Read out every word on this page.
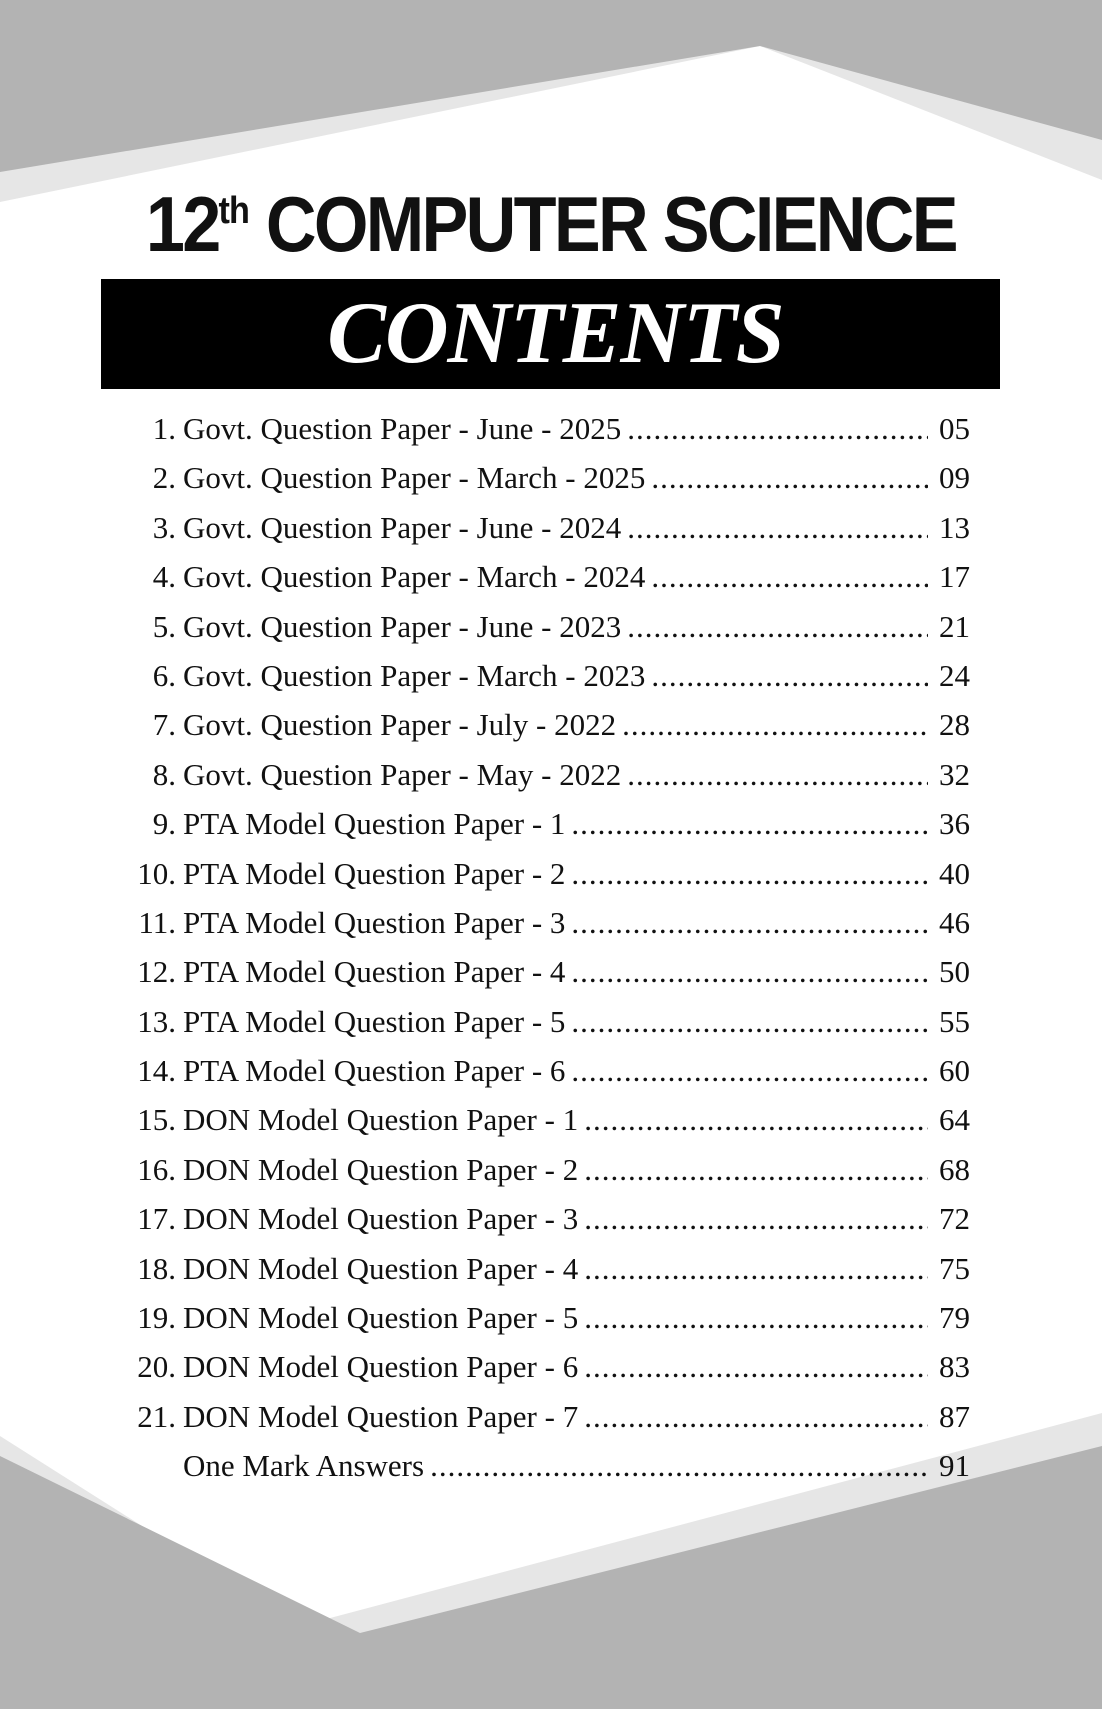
12th COMPUTER SCIENCE
CONTENTS
1. Govt. Question Paper - June - 2025 .....	05
2. Govt. Question Paper - March - 2025 .....	09
3. Govt. Question Paper - June - 2024 .....	13
4. Govt. Question Paper - March - 2024 .....	17
5. Govt. Question Paper - June - 2023 .....	21
6. Govt. Question Paper - March - 2023 .....	24
7. Govt. Question Paper - July - 2022 .....	28
8. Govt. Question Paper - May - 2022 .....	32
9. PTA Model Question Paper - 1 .....	36
10. PTA Model Question Paper - 2 .....	40
11. PTA Model Question Paper - 3 .....	46
12. PTA Model Question Paper - 4 .....	50
13. PTA Model Question Paper - 5 .....	55
14. PTA Model Question Paper - 6 .....	60
15. DON Model Question Paper - 1 .....	64
16. DON Model Question Paper - 2 .....	68
17. DON Model Question Paper - 3 .....	72
18. DON Model Question Paper - 4 .....	75
19. DON Model Question Paper - 5 .....	79
20. DON Model Question Paper - 6 .....	83
21. DON Model Question Paper - 7 .....	87
One Mark Answers .....	91
